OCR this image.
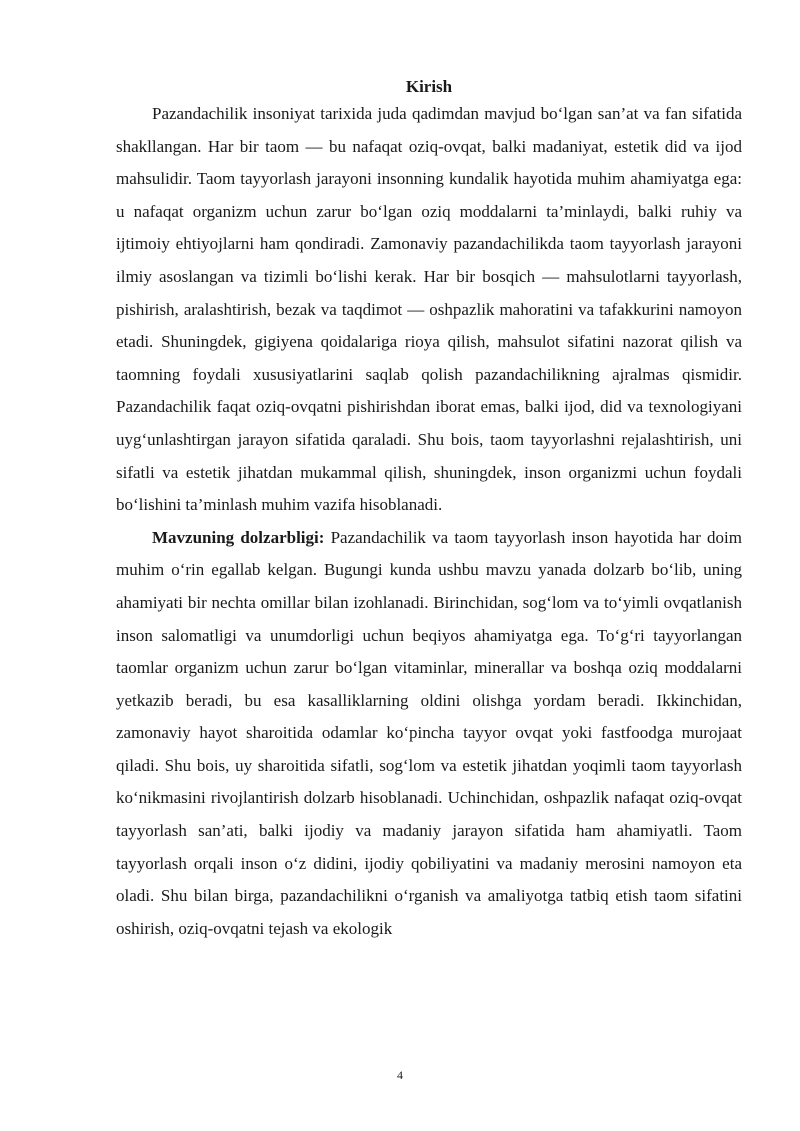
Kirish

Pazandachilik insoniyat tarixida juda qadimdan mavjud bo‘lgan san’at va fan sifatida shakllangan. Har bir taom — bu nafaqat oziq-ovqat, balki madaniyat, estetik did va ijod mahsulidir. Taom tayyorlash jarayoni insonning kundalik hayotida muhim ahamiyatga ega: u nafaqat organizm uchun zarur bo‘lgan oziq moddalarni ta’minlaydi, balki ruhiy va ijtimoiy ehtiyojlarni ham qondiradi. Zamonaviy pazandachilikda taom tayyorlash jarayoni ilmiy asoslangan va tizimli bo‘lishi kerak. Har bir bosqich — mahsulotlarni tayyorlash, pishirish, aralashtirish, bezak va taqdimot — oshpazlik mahoratini va tafakkurini namoyon etadi. Shuningdek, gigiyena qoidalariga rioya qilish, mahsulot sifatini nazorat qilish va taomning foydali xususiyatlarini saqlab qolish pazandachilikning ajralmas qismidir. Pazandachilik faqat oziq-ovqatni pishirishdan iborat emas, balki ijod, did va texnologiyani uyg‘unlashtirgan jarayon sifatida qaraladi. Shu bois, taom tayyorlashni rejalashtirish, uni sifatli va estetik jihatdan mukammal qilish, shuningdek, inson organizmi uchun foydali bo‘lishini ta’minlash muhim vazifa hisoblanadi.

Mavzuning dolzarbligi: Pazandachilik va taom tayyorlash inson hayotida har doim muhim o‘rin egallab kelgan. Bugungi kunda ushbu mavzu yanada dolzarb bo‘lib, uning ahamiyati bir nechta omillar bilan izohlanadi. Birinchidan, sog‘lom va to‘yimli ovqatlanish inson salomatligi va unumdorligi uchun beqiyos ahamiyatga ega. To‘g‘ri tayyorlangan taomlar organizm uchun zarur bo‘lgan vitaminlar, minerallar va boshqa oziq moddalarni yetkazib beradi, bu esa kasalliklarning oldini olishga yordam beradi. Ikkinchidan, zamonaviy hayot sharoitida odamlar ko‘pincha tayyor ovqat yoki fastfoodga murojaat qiladi. Shu bois, uy sharoitida sifatli, sog‘lom va estetik jihatdan yoqimli taom tayyorlash ko‘nikmasini rivojlantirish dolzarb hisoblanadi. Uchinchidan, oshpazlik nafaqat oziq-ovqat tayyorlash san’ati, balki ijodiy va madaniy jarayon sifatida ham ahamiyatli. Taom tayyorlash orqali inson o‘z didini, ijodiy qobiliyatini va madaniy merosini namoyon eta oladi. Shu bilan birga, pazandachilikni o‘rganish va amaliyotga tatbiq etish taom sifatini oshirish, oziq-ovqatni tejash va ekologik

4
